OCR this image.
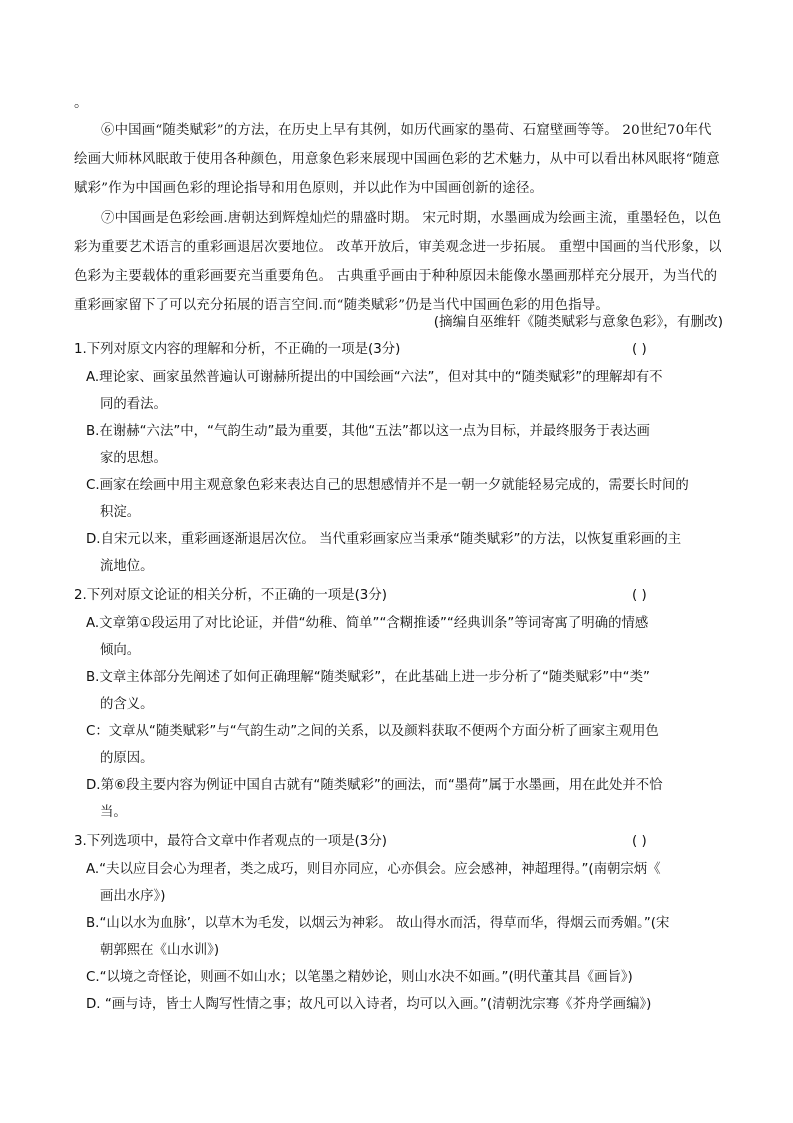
。
⑥中国画“随类赋彩”的方法，在历史上早有其例，如历代画家的墨荷、石窟壁画等等。 20世纪70年代绘画大师林风眠敢于使用各种颜色，用意象色彩来展现中国画色彩的艺术魅力，从中可以看出林风眠将“随意赋彩”作为中国画色彩的理论指导和用色原则，并以此作为中国画创新的途径。
⑦中国画是色彩绘画.唐朝达到辉煌灿烂的鼎盛时期。 宋元时期，水墨画成为绘画主流，重墨轻色，以色彩为重要艺术语言的重彩画退居次要地位。 改革开放后，审美观念进一步拓展。 重塑中国画的当代形象，以色彩为主要载体的重彩画要充当重要角色。 古典重乎画由于种种原因未能像水墨画那样充分展开，为当代的重彩画家留下了可以充分拓展的语言空间.而“随类赋彩”仍是当代中国画色彩的用色指导。
(摘编自巫维轩《随类赋彩与意象色彩》，有删改)
1.下列对原文内容的理解和分析，不正确的一项是(3分)	( )
A.理论家、画家虽然普遍认可谢赫所提出的中国绘画“六法”，但对其中的“随类赋彩”的理解却有不
同的看法。
B.在谢赫“六法”中，“气韵生动”最为重要，其他“五法”都以这一点为目标，并最终服务于表达画
家的思想。
C.画家在绘画中用主观意象色彩来表达自己的思想感情并不是一朝一夕就能轻易完成的，需要长时间的
积淀。
D.自宋元以来，重彩画逐渐退居次位。 当代重彩画家应当秉承“随类赋彩”的方法，以恢复重彩画的主
流地位。
2.下列对原文论证的相关分析，不正确的一项是(3分)	( )
A.文章第①段运用了对比论证，并借“幼稚、简单”“含糊推诿”“经典训条”等词寄寓了明确的情感
倾向。
B.文章主体部分先阐述了如何正确理解“随类赋彩”，在此基础上进一步分析了“随类赋彩”中“类”
的含义。
C：文章从“随类赋彩”与“气韵生动”之间的关系，以及颜料获取不便两个方面分析了画家主观用色
的原因。
D.第⑥段主要内容为例证中国自古就有“随类赋彩”的画法，而“墨荷”属于水墨画，用在此处并不恰
当。
3.下列选项中，最符合文章中作者观点的一项是(3分)	( )
A.“夫以应目会心为理者，类之成巧，则目亦同应，心亦俱会。应会感神，神超理得。”(南朝宗炳《
画出水序》)
B.“山以水为血脉’，以草木为毛发，以烟云为神彩。 故山得水而活，得草而华，得烟云而秀媚。”(宋
朝郭熙在《山水训》)
C.“以境之奇怪论，则画不如山水；以笔墨之精妙论，则山水决不如画。”(明代董其昌《画旨》)
D. “画与诗，皆士人陶写性情之事；故凡可以入诗者，均可以入画。”(清朝沈宗骞《芥舟学画编》)
